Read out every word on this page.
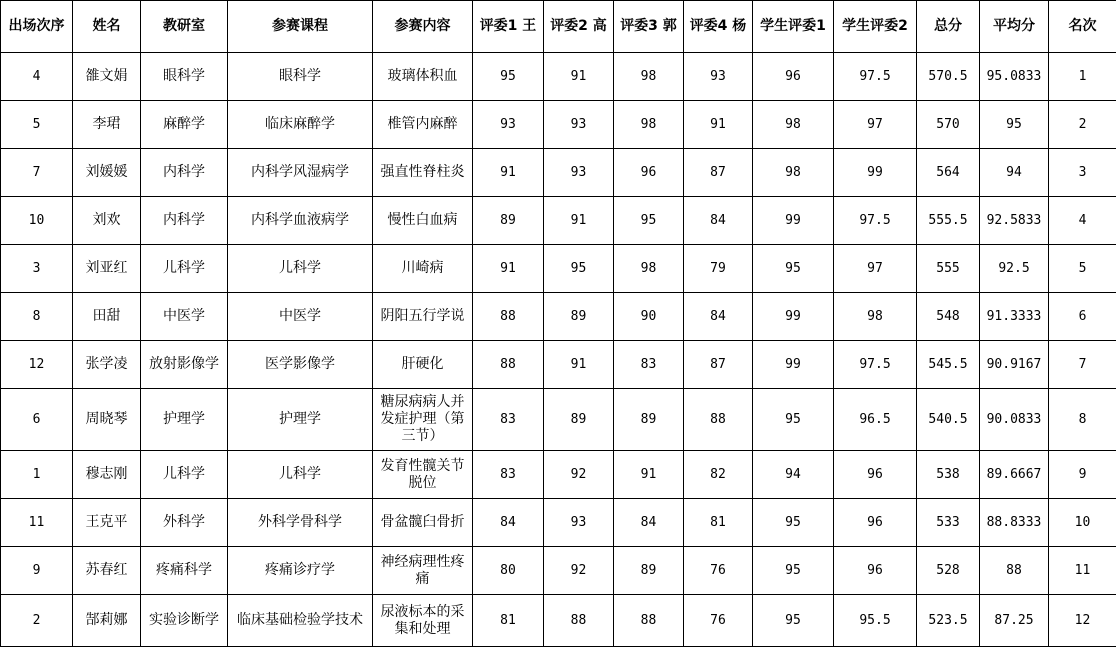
出场次序	姓名	教研室	参赛课程	参赛内容	评委1 王	评委2 高	评委3 郭	评委4 杨	学生评委1	学生评委2	总分	平均分	名次
4	雒文娟	眼科学	眼科学	玻璃体积血	95	91	98	93	96	97.5	570.5	95.0833	1
5	李珺	麻醉学	临床麻醉学	椎管内麻醉	93	93	98	91	98	97	570	95	2
7	刘媛媛	内科学	内科学风湿病学	强直性脊柱炎	91	93	96	87	98	99	564	94	3
10	刘欢	内科学	内科学血液病学	慢性白血病	89	91	95	84	99	97.5	555.5	92.5833	4
3	刘亚红	儿科学	儿科学	川崎病	91	95	98	79	95	97	555	92.5	5
8	田甜	中医学	中医学	阴阳五行学说	88	89	90	84	99	98	548	91.3333	6
12	张学凌	放射影像学	医学影像学	肝硬化	88	91	83	87	99	97.5	545.5	90.9167	7
6	周晓琴	护理学	护理学	糖尿病病人并发症护理（第三节）	83	89	89	88	95	96.5	540.5	90.0833	8
1	穆志刚	儿科学	儿科学	发育性髋关节脱位	83	92	91	82	94	96	538	89.6667	9
11	王克平	外科学	外科学骨科学	骨盆髋臼骨折	84	93	84	81	95	96	533	88.8333	10
9	苏春红	疼痛科学	疼痛诊疗学	神经病理性疼痛	80	92	89	76	95	96	528	88	11
2	郜莉娜	实验诊断学	临床基础检验学技术	尿液标本的采集和处理	81	88	88	76	95	95.5	523.5	87.25	12
